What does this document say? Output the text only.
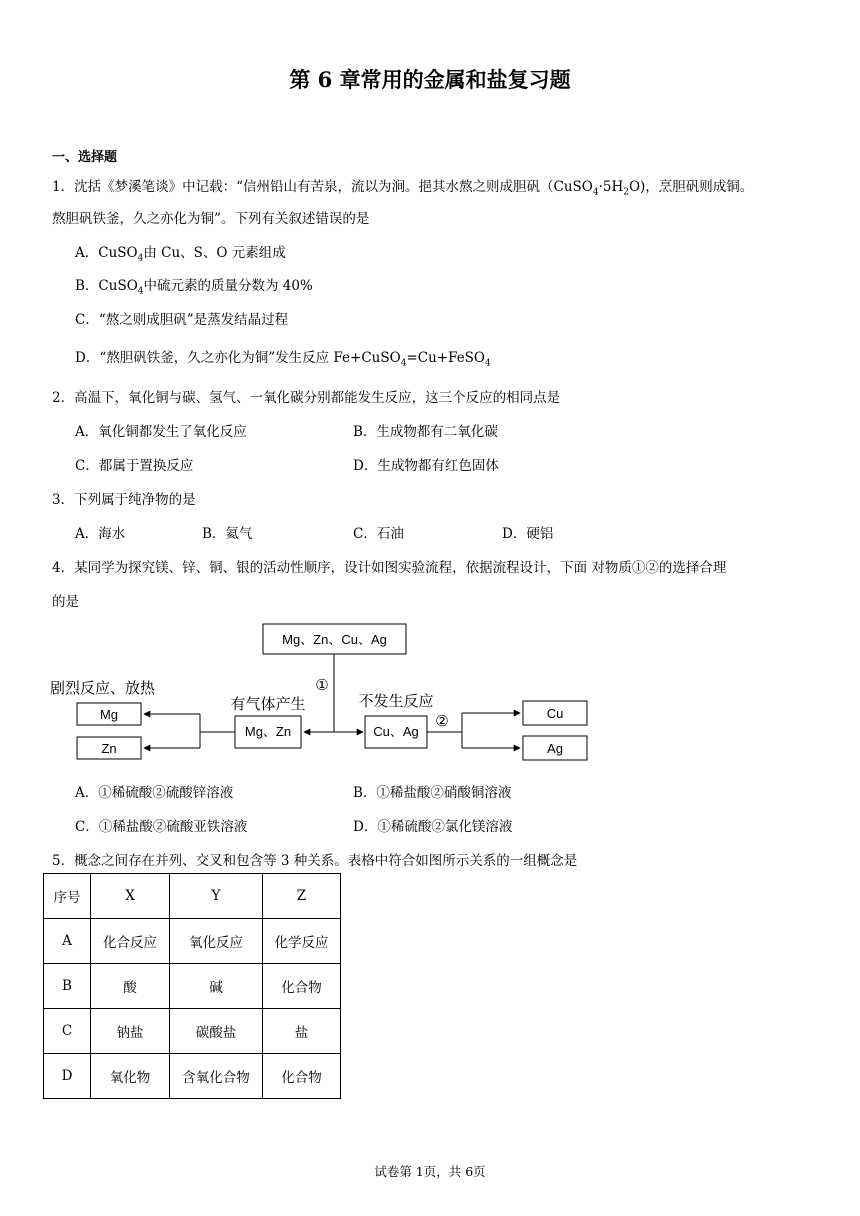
第 6 章常用的金属和盐复习题
一、选择题
1．沈括《梦溪笔谈》中记载：“信州铅山有苦泉，流以为涧。挹其水熬之则成胆矾$(CuSO_4\cdot 5H_2O)$，烹胆矾则成铜。
熬胆矾铁釜，久之亦化为铜”。下列有关叙述错误的是
A．CuSO$_4$由 Cu、S、O 元素组成
B．CuSO$_4$中硫元素的质量分数为 40%
C．“熬之则成胆矾”是蒸发结晶过程
D．“熬胆矾铁釜，久之亦化为铜”发生反应 Fe+CuSO$_4$=Cu+FeSO$_4$
2．高温下，氧化铜与碳、氢气、一氧化碳分别都能发生反应，这三个反应的相同点是
A．氧化铜都发生了氧化反应	B．生成物都有二氧化碳
C．都属于置换反应	D．生成物都有红色固体
3．下列属于纯净物的是
A．海水	B．氦气	C．石油	D．硬铝
4．某同学为探究镁、锌、铜、银的活动性顺序，设计如图实验流程，依据流程设计，下面 对物质①②的选择合理
的是
Mg、Zn、Cu、Ag
①
Mg、Zn
有气体产生
Cu、Ag
不发生反应
②
剧烈反应、放热
Mg
Zn
Cu
Ag
A．①稀硫酸②硫酸锌溶液	B．①稀盐酸②硝酸铜溶液
C．①稀盐酸②硫酸亚铁溶液	D．①稀硫酸②氯化镁溶液
5．概念之间存在并列、交叉和包含等 3 种关系。表格中符合如图所示关系的一组概念是
序号	X	Y	Z
A	化合反应	氧化反应	化学反应
B	酸	碱	化合物
C	钠盐	碳酸盐	盐
D	氧化物	含氧化合物	化合物
试卷第 1页，共 6页
